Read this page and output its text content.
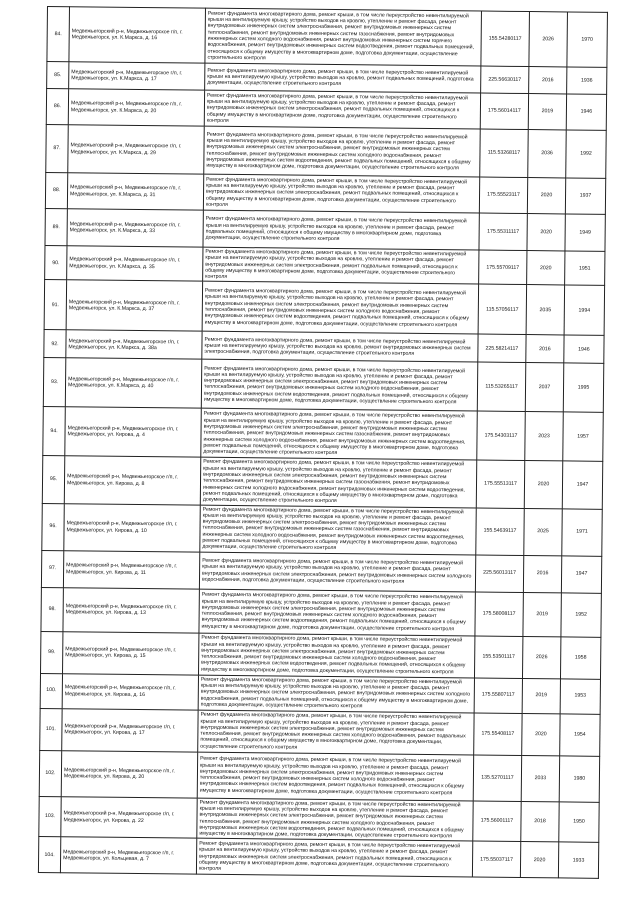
84.	Медвежьегорский р-н, Медвежьегорское г/п, г. Медвежьегорск, ул. К.Маркса, д. 16	Ремонт фундамента многоквартирного дома, ремонт крыши, в том числе переустройство невентилируемой крыши на вентилируемую крышу, устройство выходов на кровлю, утепление и ремонт фасада, ремонт внутридомовых инженерных систем электроснабжения, ремонт внутридомовых инженерных систем теплоснабжения, ремонт внутридомовых инженерных систем газоснабжения, ремонт внутридомовых инженерных систем холодного водоснабжения, ремонт внутридомовых инженерных систем горячего водоснабжения, ремонт внутридомовых инженерных систем водоотведения, ремонт подвальных помещений, относящихся к общему имуществу в многоквартирном доме, подготовка документации, осуществление строительного контроля	155.54280117	2026	1970
85.	Медвежьегорский р-н, Медвежьегорское г/п, г. Медвежьегорск, ул. К.Маркса, д. 17	Ремонт фундамента многоквартирного дома, ремонт крыши, в том числе переустройство невентилируемой крыши на вентилируемую крышу, устройство выходов на кровлю, ремонт подвальных помещений, подготовка документации, осуществление строительного контроля	225.56630117	2016	1936
86.	Медвежьегорский р-н, Медвежьегорское г/п, г. Медвежьегорск, ул. К.Маркса, д. 20	Ремонт фундамента многоквартирного дома, ремонт крыши, в том числе переустройство невентилируемой крыши на вентилируемую крышу, устройство выходов на кровлю, утепление и ремонт фасада, ремонт внутридомовых инженерных систем электроснабжения, ремонт подвальных помещений, относящихся к общему имуществу в многоквартирном доме, подготовка документации, осуществление строительного контроля	175.56014117	2019	1946
87.	Медвежьегорский р-н, Медвежьегорское г/п, г. Медвежьегорск, ул. К.Маркса, д. 29	Ремонт фундамента многоквартирного дома, ремонт крыши, в том числе переустройство невентилируемой крыши на вентилируемую крышу, устройство выходов на кровлю, утепление и ремонт фасада, ремонт внутридомовых инженерных систем электроснабжения, ремонт внутридомовых инженерных систем теплоснабжения, ремонт внутридомовых инженерных систем холодного водоснабжения, ремонт внутридомовых инженерных систем водоотведения, ремонт подвальных помещений, относящихся к общему имуществу в многоквартирном доме, подготовка документации, осуществление строительного контроля	115.53268117	2036	1992
88.	Медвежьегорский р-н, Медвежьегорское г/п, г. Медвежьегорск, ул. К.Маркса, д. 31	Ремонт фундамента многоквартирного дома, ремонт крыши, в том числе переустройство невентилируемой крыши на вентилируемую крышу, устройство выходов на кровлю, утепление и ремонт фасада, ремонт внутридомовых инженерных систем электроснабжения, ремонт подвальных помещений, относящихся к общему имуществу в многоквартирном доме, подготовка документации, осуществление строительного контроля	175.55523117	2020	1937
89.	Медвежьегорский р-н, Медвежьегорское г/п, г. Медвежьегорск, ул. К.Маркса, д. 33	Ремонт фундамента многоквартирного дома, ремонт крыши, в том числе переустройство невентилируемой крыши на вентилируемую крышу, устройство выходов на кровлю, утепление и ремонт фасада, ремонт подвальных помещений, относящихся к общему имуществу в многоквартирном доме, подготовка документации, осуществление строительного контроля	175.55311117	2020	1949
90.	Медвежьегорский р-н, Медвежьегорское г/п, г. Медвежьегорск, ул. К.Маркса, д. 35	Ремонт фундамента многоквартирного дома, ремонт крыши, в том числе переустройство невентилируемой крыши на вентилируемую крышу, устройство выходов на кровлю, утепление и ремонт фасада, ремонт внутридомовых инженерных систем электроснабжения, ремонт подвальных помещений, относящихся к общему имуществу в многоквартирном доме, подготовка документации, осуществление строительного контроля	175.55709117	2020	1951
91.	Медвежьегорский р-н, Медвежьегорское г/п, г. Медвежьегорск, ул. К.Маркса, д. 37	Ремонт фундамента многоквартирного дома, ремонт крыши, в том числе переустройство невентилируемой крыши на вентилируемую крышу, устройство выходов на кровлю, утепление и ремонт фасада, ремонт внутридомовых инженерных систем электроснабжения, ремонт внутридомовых инженерных систем теплоснабжения, ремонт внутридомовых инженерных систем холодного водоснабжения, ремонт внутридомовых инженерных систем водоотведения, ремонт подвальных помещений, относящихся к общему имуществу в многоквартирном доме, подготовка документации, осуществление строительного контроля	115.57056117	2035	1994
92.	Медвежьегорский р-н, Медвежьегорское г/п, г. Медвежьегорск, ул. К.Маркса, д. 38а	Ремонт фундамента многоквартирного дома, ремонт крыши, в том числе переустройство невентилируемой крыши на вентилируемую крышу, устройство выходов на кровлю, ремонт внутридомовых инженерных систем электроснабжения, подготовка документации, осуществление строительного контроля	225.58214117	2016	1946
93.	Медвежьегорский р-н, Медвежьегорское г/п, г. Медвежьегорск, ул. К.Маркса, д. 40	Ремонт фундамента многоквартирного дома, ремонт крыши, в том числе переустройство невентилируемой крыши на вентилируемую крышу, устройство выходов на кровлю, утепление и ремонт фасада, ремонт внутридомовых инженерных систем электроснабжения, ремонт внутридомовых инженерных систем теплоснабжения, ремонт внутридомовых инженерных систем холодного водоснабжения, ремонт внутридомовых инженерных систем водоотведения, ремонт подвальных помещений, относящихся к общему имуществу в многоквартирном доме, подготовка документации, осуществление строительного контроля	115.53265117	2037	1995
94.	Медвежьегорский р-н, Медвежьегорское г/п, г. Медвежьегорск, ул. Кирова, д. 4	Ремонт фундамента многоквартирного дома, ремонт крыши, в том числе переустройство невентилируемой крыши на вентилируемую крышу, устройство выходов на кровлю, утепление и ремонт фасада, ремонт внутридомовых инженерных систем электроснабжения, ремонт внутридомовых инженерных систем теплоснабжения, ремонт внутридомовых инженерных систем газоснабжения, ремонт внутридомовых инженерных систем холодного водоснабжения, ремонт внутридомовых инженерных систем водоотведения, ремонт подвальных помещений, относящихся к общему имуществу в многоквартирном доме, подготовка документации, осуществление строительного контроля	175.54303117	2023	1957
95.	Медвежьегорский р-н, Медвежьегорское г/п, г. Медвежьегорск, ул. Кирова, д. 8	Ремонт фундамента многоквартирного дома, ремонт крыши, в том числе переустройство невентилируемой крыши на вентилируемую крышу, устройство выходов на кровлю, утепление и ремонт фасада, ремонт внутридомовых инженерных систем электроснабжения, ремонт внутридомовых инженерных систем теплоснабжения, ремонт внутридомовых инженерных систем газоснабжения, ремонт внутридомовых инженерных систем холодного водоснабжения, ремонт внутридомовых инженерных систем водоотведения, ремонт подвальных помещений, относящихся к общему имуществу в многоквартирном доме, подготовка документации, осуществление строительного контроля	175.55513117	2020	1947
96.	Медвежьегорский р-н, Медвежьегорское г/п, г. Медвежьегорск, ул. Кирова, д. 10	Ремонт фундамента многоквартирного дома, ремонт крыши, в том числе переустройство невентилируемой крыши на вентилируемую крышу, устройство выходов на кровлю, утепление и ремонт фасада, ремонт внутридомовых инженерных систем электроснабжения, ремонт внутридомовых инженерных систем теплоснабжения, ремонт внутридомовых инженерных систем газоснабжения, ремонт внутридомовых инженерных систем холодного водоснабжения, ремонт внутридомовых инженерных систем водоотведения, ремонт подвальных помещений, относящихся к общему имуществу в многоквартирном доме, подготовка документации, осуществление строительного контроля	155.54639117	2025	1971
97.	Медвежьегорский р-н, Медвежьегорское г/п, г. Медвежьегорск, ул. Кирова, д. 11	Ремонт фундамента многоквартирного дома, ремонт крыши, в том числе переустройство невентилируемой крыши на вентилируемую крышу, устройство выходов на кровлю, утепление и ремонт фасада, ремонт внутридомовых инженерных систем электроснабжения, ремонт внутридомовых инженерных систем холодного водоснабжения, подготовка документации, осуществление строительного контроля	225.56013117	2016	1947
98.	Медвежьегорский р-н, Медвежьегорское г/п, г. Медвежьегорск, ул. Кирова, д. 13	Ремонт фундамента многоквартирного дома, ремонт крыши, в том числе переустройство невентилируемой крыши на вентилируемую крышу, устройство выходов на кровлю, утепление и ремонт фасада, ремонт внутридомовых инженерных систем электроснабжения, ремонт внутридомовых инженерных систем теплоснабжения, ремонт внутридомовых инженерных систем холодного водоснабжения, ремонт внутридомовых инженерных систем водоотведения, ремонт подвальных помещений, относящихся к общему имуществу в многоквартирном доме, подготовка документации, осуществление строительного контроля	175.58008117	2019	1952
99.	Медвежьегорский р-н, Медвежьегорское г/п, г. Медвежьегорск, ул. Кирова, д. 15	Ремонт фундамента многоквартирного дома, ремонт крыши, в том числе переустройство невентилируемой крыши на вентилируемую крышу, устройство выходов на кровлю, утепление и ремонт фасада, ремонт внутридомовых инженерных систем электроснабжения, ремонт внутридомовых инженерных систем теплоснабжения, ремонт внутридомовых инженерных систем холодного водоснабжения, ремонт внутридомовых инженерных систем водоотведения, ремонт подвальных помещений, относящихся к общему имуществу в многоквартирном доме, подготовка документации, осуществление строительного контроля	155.53501117	2026	1958
100.	Медвежьегорский р-н, Медвежьегорское г/п, г. Медвежьегорск, ул. Кирова, д. 16	Ремонт фундамента многоквартирного дома, ремонт крыши, в том числе переустройство невентилируемой крыши на вентилируемую крышу, устройство выходов на кровлю, утепление и ремонт фасада, ремонт внутридомовых инженерных систем электроснабжения, ремонт внутридомовых инженерных систем холодного водоснабжения, ремонт подвальных помещений, относящихся к общему имуществу в многоквартирном доме, подготовка документации, осуществление строительного контроля	175.55807117	2019	1953
101.	Медвежьегорский р-н, Медвежьегорское г/п, г. Медвежьегорск, ул. Кирова, д. 17	Ремонт фундамента многоквартирного дома, ремонт крыши, в том числе переустройство невентилируемой крыши на вентилируемую крышу, устройство выходов на кровлю, утепление и ремонт фасада, ремонт внутридомовых инженерных систем электроснабжения, ремонт внутридомовых инженерных систем теплоснабжения, ремонт внутридомовых инженерных систем холодного водоснабжения, ремонт подвальных помещений, относящихся к общему имуществу в многоквартирном доме, подготовка документации, осуществление строительного контроля	175.55408117	2020	1954
102.	Медвежьегорский р-н, Медвежьегорское г/п, г. Медвежьегорск, ул. Кирова, д. 20	Ремонт фундамента многоквартирного дома, ремонт крыши, в том числе переустройство невентилируемой крыши на вентилируемую крышу, устройство выходов на кровлю, утепление и ремонт фасада, ремонт внутридомовых инженерных систем электроснабжения, ремонт внутридомовых инженерных систем теплоснабжения, ремонт внутридомовых инженерных систем холодного водоснабжения, ремонт внутридомовых инженерных систем водоотведения, ремонт подвальных помещений, относящихся к общему имуществу в многоквартирном доме, подготовка документации, осуществление строительного контроля	135.52701117	2033	1980
103.	Медвежьегорский р-н, Медвежьегорское г/п, г. Медвежьегорск, ул. Кирова, д. 22	Ремонт фундамента многоквартирного дома, ремонт крыши, в том числе переустройство невентилируемой крыши на вентилируемую крышу, устройство выходов на кровлю, утепление и ремонт фасада, ремонт внутридомовых инженерных систем электроснабжения, ремонт внутридомовых инженерных систем теплоснабжения, ремонт внутридомовых инженерных систем холодного водоснабжения, ремонт внутридомовых инженерных систем водоотведения, ремонт подвальных помещений, относящихся к общему имуществу в многоквартирном доме, подготовка документации, осуществление строительного контроля	175.56001117	2018	1950
104.	Медвежьегорский р-н, Медвежьегорское г/п, г. Медвежьегорск, ул. Кольцевая, д. 7	Ремонт фундамента многоквартирного дома, ремонт крыши, в том числе переустройство невентилируемой крыши на вентилируемую крышу, устройство выходов на кровлю, утепление и ремонт фасада, ремонт внутридомовых инженерных систем электроснабжения, ремонт подвальных помещений, относящихся к общему имуществу в многоквартирном доме, подготовка документации, осуществление строительного контроля	175.55037117	2020	1933
